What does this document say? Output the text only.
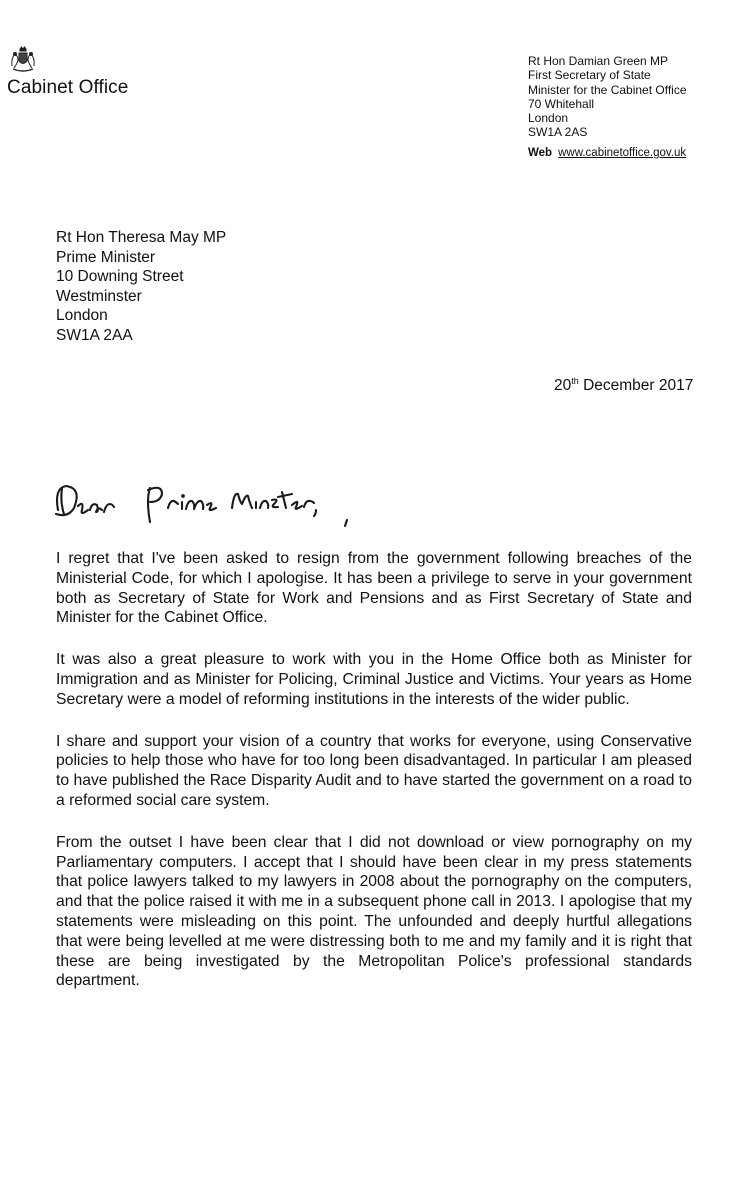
Cabinet Office
Rt Hon Damian Green MP
First Secretary of State
Minister for the Cabinet Office
70 Whitehall
London
SW1A 2AS
Web www.cabinetoffice.gov.uk
Rt Hon Theresa May MP
Prime Minister
10 Downing Street
Westminster
London
SW1A 2AA
20th December 2017

I regret that I've been asked to resign from the government following breaches of the Ministerial Code, for which I apologise. It has been a privilege to serve in your government both as Secretary of State for Work and Pensions and as First Secretary of State and Minister for the Cabinet Office.

It was also a great pleasure to work with you in the Home Office both as Minister for Immigration and as Minister for Policing, Criminal Justice and Victims. Your years as Home Secretary were a model of reforming institutions in the interests of the wider public.

I share and support your vision of a country that works for everyone, using Conservative policies to help those who have for too long been disadvantaged. In particular I am pleased to have published the Race Disparity Audit and to have started the government on a road to a reformed social care system.

From the outset I have been clear that I did not download or view pornography on my Parliamentary computers. I accept that I should have been clear in my press statements that police lawyers talked to my lawyers in 2008 about the pornography on the computers, and that the police raised it with me in a subsequent phone call in 2013. I apologise that my statements were misleading on this point. The unfounded and deeply hurtful allegations that were being levelled at me were distressing both to me and my family and it is right that these are being investigated by the Metropolitan Police's professional standards department.
